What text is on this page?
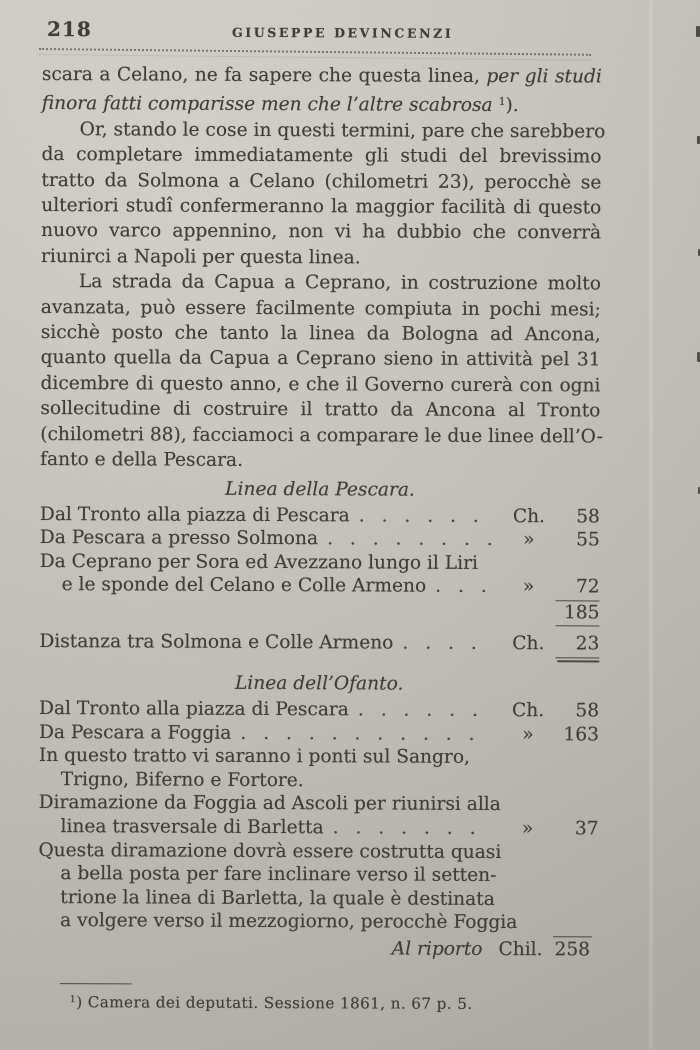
218	GIUSEPPE DEVINCENZI
scara a Celano, ne fa sapere che questa linea, per gli studi
finora fatti comparisse men che l’altre scabrosa $^1$).
Or, stando le cose in questi termini, pare che sarebbero
da completare immediatamente gli studi del brevissimo
tratto da Solmona a Celano (chilometri 23), perocchè se
ulteriori studî confermeranno la maggior facilità di questo
nuovo varco appennino, non vi ha dubbio che converrà
riunirci a Napoli per questa linea.
La strada da Capua a Ceprano, in costruzione molto
avanzata, può essere facilmente compiuta in pochi mesi;
sicchè posto che tanto la linea da Bologna ad Ancona,
quanto quella da Capua a Ceprano sieno in attività pel 31
dicembre di questo anno, e che il Governo curerà con ogni
sollecitudine di costruire il tratto da Ancona al Tronto
(chilometri 88), facciamoci a comparare le due linee dell’O-
fanto e della Pescara.
Linea della Pescara.
Dal Tronto alla piazza di Pescara . . . . . .	Ch.	58
Da Pescara a presso Solmona . . . . . . . .	»	55
Da Ceprano per Sora ed Avezzano lungo il Liri
e le sponde del Celano e Colle Armeno . . .	»	72
185
Distanza tra Solmona e Colle Armeno . . . .	Ch.	23
Linea dell’Ofanto.
Dal Tronto alla piazza di Pescara . . . . . .	Ch.	58
Da Pescara a Foggia . . . . . . . . . . .	»	163
In questo tratto vi saranno i ponti sul Sangro,
Trigno, Biferno e Fortore.
Diramazione da Foggia ad Ascoli per riunirsi alla
linea trasversale di Barletta . . . . . . .	»	37
Questa diramazione dovrà essere costrutta quasi
a bella posta per fare inclinare verso il setten-
trione la linea di Barletta, la quale è destinata
a volgere verso il mezzogiorno, perocchè Foggia
Al riporto Chil. 258
$^1$) Camera dei deputati. Sessione 1861, n. 67 p. 5.
